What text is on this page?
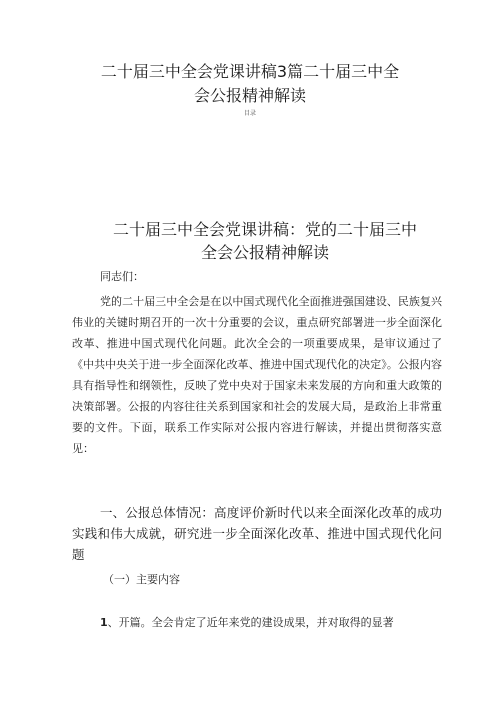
二十届三中全会党课讲稿3篇二十届三中全会公报精神解读
目录
二十届三中全会党课讲稿：党的二十届三中全会公报精神解读
同志们：
党的二十届三中全会是在以中国式现代化全面推进强国建设、民族复兴伟业的关键时期召开的一次十分重要的会议，重点研究部署进一步全面深化改革、推进中国式现代化问题。此次全会的一项重要成果，是审议通过了《中共中央关于进一步全面深化改革、推进中国式现代化的决定》。公报内容具有指导性和纲领性，反映了党中央对于国家未来发展的方向和重大政策的决策部署。公报的内容往往关系到国家和社会的发展大局，是政治上非常重要的文件。下面，联系工作实际对公报内容进行解读，并提出贯彻落实意见：
一、公报总体情况：高度评价新时代以来全面深化改革的成功实践和伟大成就，研究进一步全面深化改革、推进中国式现代化问题
（一）主要内容
1、开篇。全会肯定了近年来党的建设成果，并对取得的显著
